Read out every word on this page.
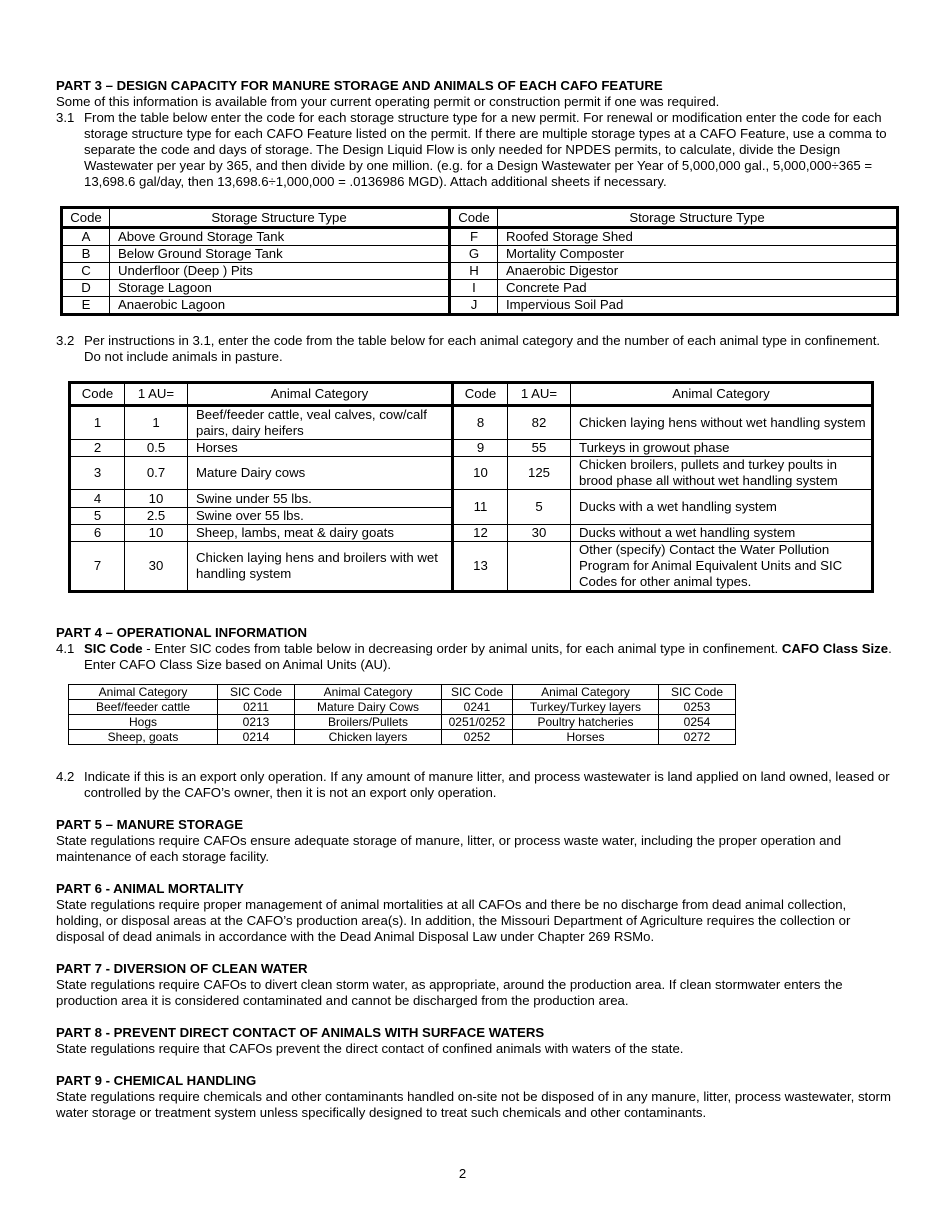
PART 3 – DESIGN CAPACITY FOR MANURE STORAGE AND ANIMALS OF EACH CAFO FEATURE

Some of this information is available from your current operating permit or construction permit if one was required.

3.1 From the table below enter the code for each storage structure type for a new permit. For renewal or modification enter the code for each storage structure type for each CAFO Feature listed on the permit. If there are multiple storage types at a CAFO Feature, use a comma to separate the code and days of storage. The Design Liquid Flow is only needed for NPDES permits, to calculate, divide the Design Wastewater per year by 365, and then divide by one million. (e.g. for a Design Wastewater per Year of 5,000,000 gal., 5,000,000÷365 = 13,698.6 gal/day, then 13,698.6÷1,000,000 = .0136986 MGD). Attach additional sheets if necessary.
Code	Storage Structure Type	Code	Storage Structure Type
A	Above Ground Storage Tank	F	Roofed Storage Shed
B	Below Ground Storage Tank	G	Mortality Composter
C	Underfloor (Deep ) Pits	H	Anaerobic Digestor
D	Storage Lagoon	I	Concrete Pad
E	Anaerobic Lagoon	J	Impervious Soil Pad
3.2 Per instructions in 3.1, enter the code from the table below for each animal category and the number of each animal type in confinement. Do not include animals in pasture.
Code	1 AU=	Animal Category	Code	1 AU=	Animal Category
1	1	Beef/feeder cattle, veal calves, cow/calf pairs, dairy heifers	8	82	Chicken laying hens without wet handling system
2	0.5	Horses	9	55	Turkeys in growout phase
3	0.7	Mature Dairy cows	10	125	Chicken broilers, pullets and turkey poults in brood phase all without wet handling system
4	10	Swine under 55 lbs.	11	5	Ducks with a wet handling system
5	2.5	Swine over 55 lbs.			
6	10	Sheep, lambs, meat & dairy goats	12	30	Ducks without a wet handling system
7	30	Chicken laying hens and broilers with wet handling system	13		Other (specify) Contact the Water Pollution Program for Animal Equivalent Units and SIC Codes for other animal types.

PART 4 – OPERATIONAL INFORMATION

4.1 SIC Code - Enter SIC codes from table below in decreasing order by animal units, for each animal type in confinement. CAFO Class Size. Enter CAFO Class Size based on Animal Units (AU).
Animal Category	SIC Code	Animal Category	SIC Code	Animal Category	SIC Code
Beef/feeder cattle	0211	Mature Dairy Cows	0241	Turkey/Turkey layers	0253
Hogs	0213	Broilers/Pullets	0251/0252	Poultry hatcheries	0254
Sheep, goats	0214	Chicken layers	0252	Horses	0272
4.2 Indicate if this is an export only operation. If any amount of manure litter, and process wastewater is land applied on land owned, leased or controlled by the CAFO’s owner, then it is not an export only operation.

PART 5 – MANURE STORAGE

State regulations require CAFOs ensure adequate storage of manure, litter, or process waste water, including the proper operation and maintenance of each storage facility.

PART 6 - ANIMAL MORTALITY

State regulations require proper management of animal mortalities at all CAFOs and there be no discharge from dead animal collection, holding, or disposal areas at the CAFO’s production area(s). In addition, the Missouri Department of Agriculture requires the collection or disposal of dead animals in accordance with the Dead Animal Disposal Law under Chapter 269 RSMo.

PART 7 - DIVERSION OF CLEAN WATER

State regulations require CAFOs to divert clean storm water, as appropriate, around the production area. If clean stormwater enters the production area it is considered contaminated and cannot be discharged from the production area.

PART 8 - PREVENT DIRECT CONTACT OF ANIMALS WITH SURFACE WATERS

State regulations require that CAFOs prevent the direct contact of confined animals with waters of the state.

PART 9 - CHEMICAL HANDLING

State regulations require chemicals and other contaminants handled on-site not be disposed of in any manure, litter, process wastewater, storm water storage or treatment system unless specifically designed to treat such chemicals and other contaminants.

2
